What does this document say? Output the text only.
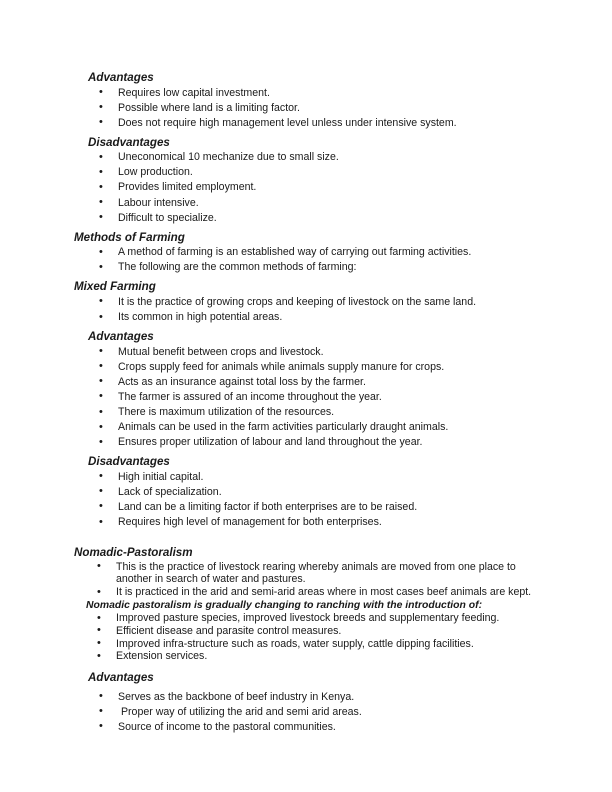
Advantages
• Requires low capital investment.
• Possible where land is a limiting factor.
• Does not require high management level unless under intensive system.
Disadvantages
• Uneconomical 10 mechanize due to small size.
• Low production.
• Provides limited employment.
• Labour intensive.
• Difficult to specialize.
Methods of Farming
• A method of farming is an established way of carrying out farming activities.
• The following are the common methods of farming:
Mixed Farming
• It is the practice of growing crops and keeping of livestock on the same land.
• Its common in high potential areas.
Advantages
• Mutual benefit between crops and livestock.
• Crops supply feed for animals while animals supply manure for crops.
• Acts as an insurance against total loss by the farmer.
• The farmer is assured of an income throughout the year.
• There is maximum utilization of the resources.
• Animals can be used in the farm activities particularly draught animals.
• Ensures proper utilization of labour and land throughout the year.
Disadvantages
• High initial capital.
• Lack of specialization.
• Land can be a limiting factor if both enterprises are to be raised.
• Requires high level of management for both enterprises.
Nomadic-Pastoralism
• This is the practice of livestock rearing whereby animals are moved from one place to another in search of water and pastures.
• It is practiced in the arid and semi-arid areas where in most cases beef animals are kept.
Nomadic pastoralism is gradually changing to ranching with the introduction of:
• Improved pasture species, improved livestock breeds and supplementary feeding.
• Efficient disease and parasite control measures.
• Improved infra-structure such as roads, water supply, cattle dipping facilities.
• Extension services.
Advantages
• Serves as the backbone of beef industry in Kenya.
•  Proper way of utilizing the arid and semi arid areas.
• Source of income to the pastoral communities.
